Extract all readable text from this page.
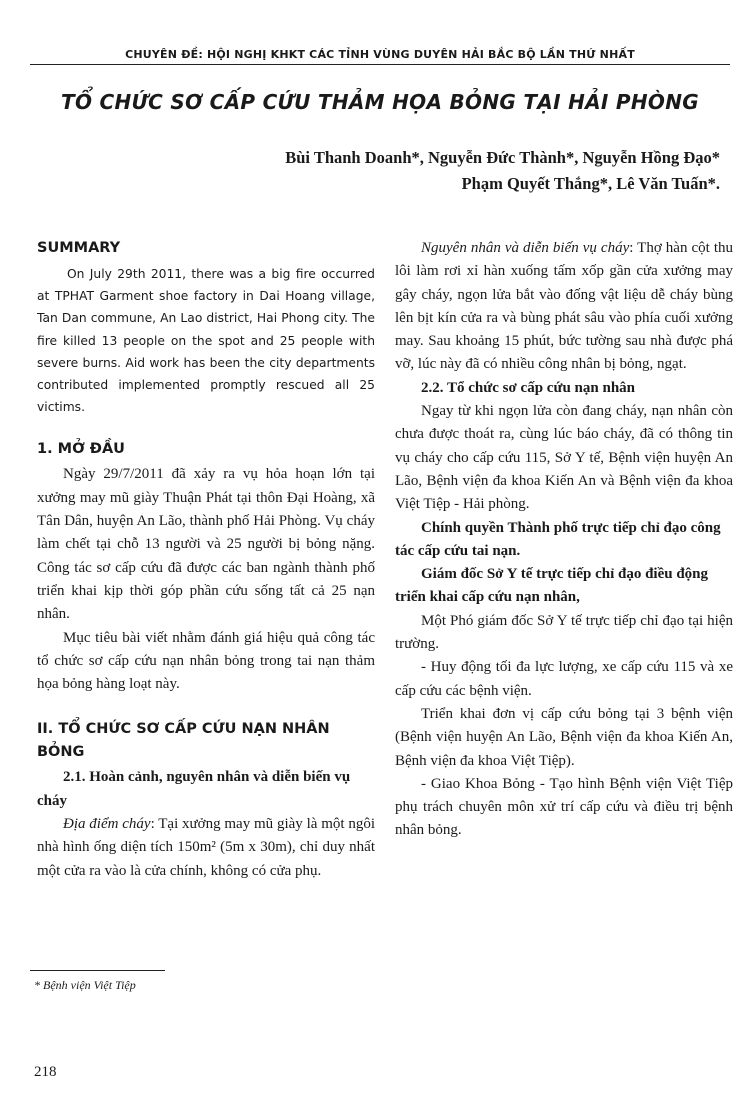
CHUYÊN ĐỀ: HỘI NGHỊ KHKT CÁC TỈNH VÙNG DUYÊN HẢI BẮC BỘ LẦN THỨ NHẤT
TỔ CHỨC SƠ CẤP CỨU THẢM HỌA BỎNG TẠI HẢI PHÒNG
Bùi Thanh Doanh*, Nguyễn Đức Thành*, Nguyễn Hồng Đạo*
Phạm Quyết Thắng*, Lê Văn Tuấn*.

SUMMARY

On July 29th 2011, there was a big fire occurred at TPHAT Garment shoe factory in Dai Hoang village, Tan Dan commune, An Lao district, Hai Phong city. The fire killed 13 people on the spot and 25 people with severe burns. Aid work has been the city departments contributed implemented promptly rescued all 25 victims.

1. MỞ ĐẦU

Ngày 29/7/2011 đã xảy ra vụ hỏa hoạn lớn tại xưởng may mũ giày Thuận Phát tại thôn Đại Hoàng, xã Tân Dân, huyện An Lão, thành phố Hải Phòng. Vụ cháy làm chết tại chỗ 13 người và 25 người bị bỏng nặng. Công tác sơ cấp cứu đã được các ban ngành thành phố triển khai kịp thời góp phần cứu sống tất cả 25 nạn nhân.

Mục tiêu bài viết nhằm đánh giá hiệu quả công tác tổ chức sơ cấp cứu nạn nhân bỏng trong tai nạn thảm họa bỏng hàng loạt này.

II. TỔ CHỨC SƠ CẤP CỨU NẠN NHÂN BỎNG

2.1. Hoàn cảnh, nguyên nhân và diễn biến vụ cháy

Địa điểm cháy: Tại xưởng may mũ giày là một ngôi nhà hình ống diện tích 150m² (5m x 30m), chỉ duy nhất một cửa ra vào là cửa chính, không có cửa phụ.

Nguyên nhân và diễn biến vụ cháy: Thợ hàn cột thu lôi làm rơi xỉ hàn xuống tấm xốp gần cửa xưởng may gây cháy, ngọn lửa bắt vào đống vật liệu dễ cháy bùng lên bịt kín cửa ra và bùng phát sâu vào phía cuối xưởng may. Sau khoảng 15 phút, bức tường sau nhà được phá vỡ, lúc này đã có nhiều công nhân bị bỏng, ngạt.

2.2. Tổ chức sơ cấp cứu nạn nhân

Ngay từ khi ngọn lửa còn đang cháy, nạn nhân còn chưa được thoát ra, cùng lúc báo cháy, đã có thông tin vụ cháy cho cấp cứu 115, Sở Y tế, Bệnh viện huyện An Lão, Bệnh viện đa khoa Kiến An và Bệnh viện đa khoa Việt Tiệp - Hải phòng.

Chính quyền Thành phố trực tiếp chỉ đạo công tác cấp cứu tai nạn.

Giám đốc Sở Y tế trực tiếp chỉ đạo điều động triển khai cấp cứu nạn nhân,

Một Phó giám đốc Sở Y tế trực tiếp chỉ đạo tại hiện trường.

- Huy động tối đa lực lượng, xe cấp cứu 115 và xe cấp cứu các bệnh viện.

Triển khai đơn vị cấp cứu bỏng tại 3 bệnh viện (Bệnh viện huyện An Lão, Bệnh viện đa khoa Kiến An, Bệnh viện đa khoa Việt Tiệp).

- Giao Khoa Bỏng - Tạo hình Bệnh viện Việt Tiệp phụ trách chuyên môn xử trí cấp cứu và điều trị bệnh nhân bỏng.

* Bệnh viện Việt Tiệp
218
